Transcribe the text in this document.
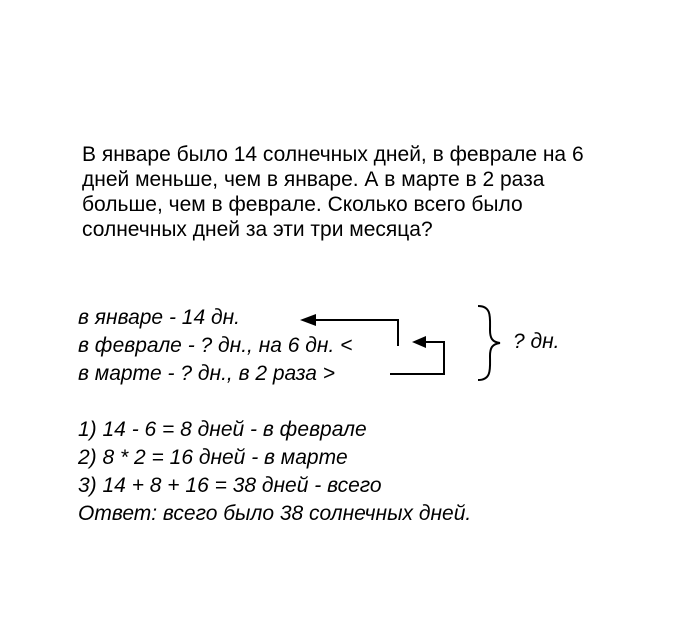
В январе было 14 солнечных дней, в феврале на 6
дней меньше, чем в январе. А в марте в 2 раза
больше, чем в феврале. Сколько всего было
солнечных дней за эти три месяца?
в январе - 14 дн.
в феврале - ? дн., на 6 дн. <
в марте - ? дн., в 2 раза >
? дн.
1) 14 - 6 = 8 дней - в феврале
2) 8 * 2 = 16 дней - в марте
3) 14 + 8 + 16 = 38 дней - всего
Ответ: всего было 38 солнечных дней.
